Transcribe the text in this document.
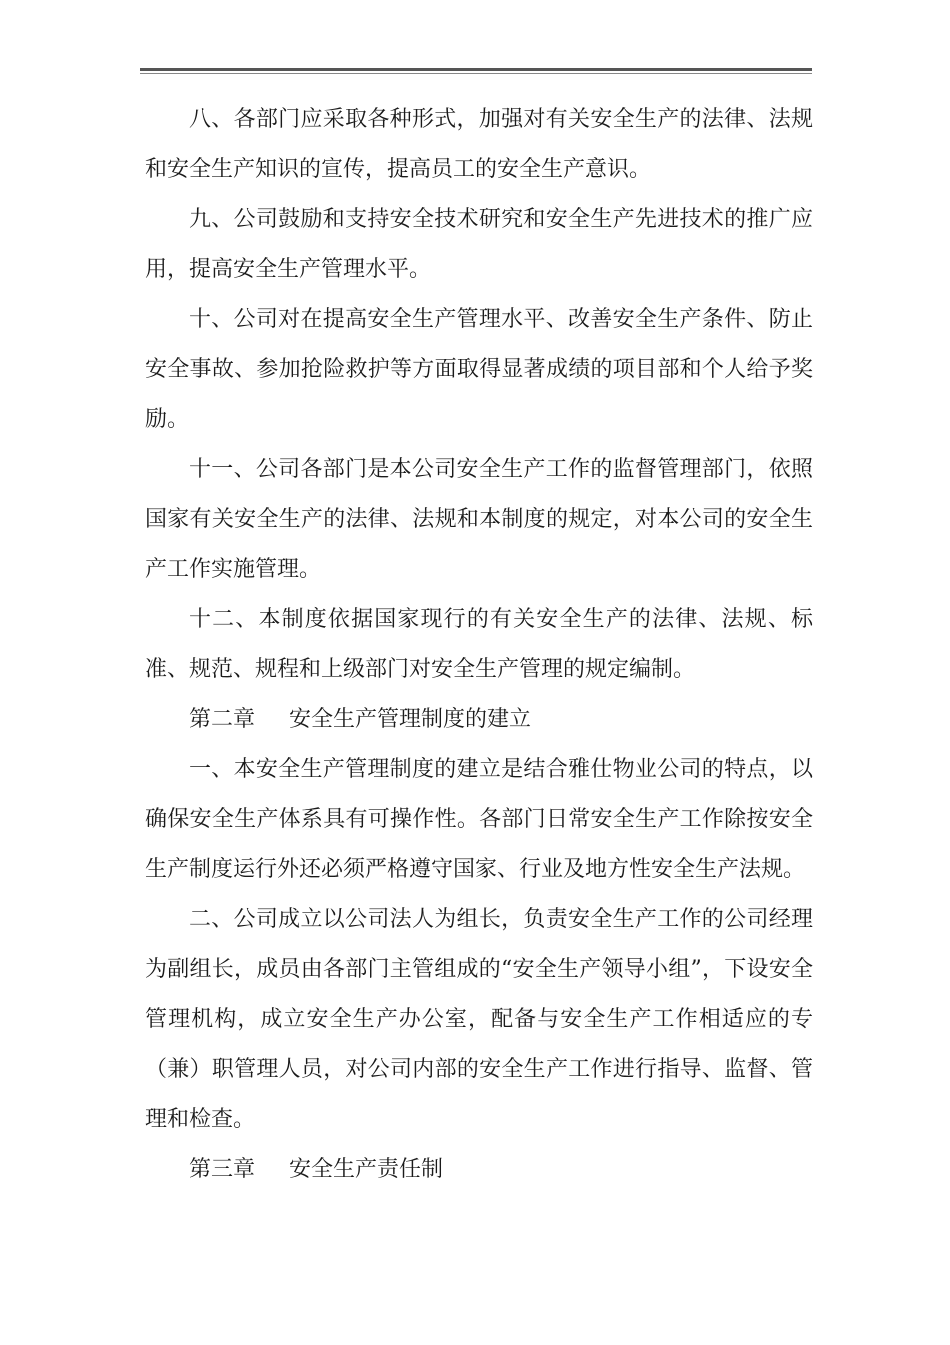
八、各部门应采取各种形式，加强对有关安全生产的法律、法规和安全生产知识的宣传，提高员工的安全生产意识。

九、公司鼓励和支持安全技术研究和安全生产先进技术的推广应用，提高安全生产管理水平。

十、公司对在提高安全生产管理水平、改善安全生产条件、防止安全事故、参加抢险救护等方面取得显著成绩的项目部和个人给予奖励。

十一、公司各部门是本公司安全生产工作的监督管理部门，依照国家有关安全生产的法律、法规和本制度的规定，对本公司的安全生产工作实施管理。

十二、本制度依据国家现行的有关安全生产的法律、法规、标准、规范、规程和上级部门对安全生产管理的规定编制。

第二章 安全生产管理制度的建立

一、本安全生产管理制度的建立是结合雅仕物业公司的特点，以确保安全生产体系具有可操作性。各部门日常安全生产工作除按安全生产制度运行外还必须严格遵守国家、行业及地方性安全生产法规。

二、公司成立以公司法人为组长，负责安全生产工作的公司经理为副组长，成员由各部门主管组成的“安全生产领导小组”，下设安全管理机构，成立安全生产办公室，配备与安全生产工作相适应的专（兼）职管理人员，对公司内部的安全生产工作进行指导、监督、管理和检查。

第三章 安全生产责任制
